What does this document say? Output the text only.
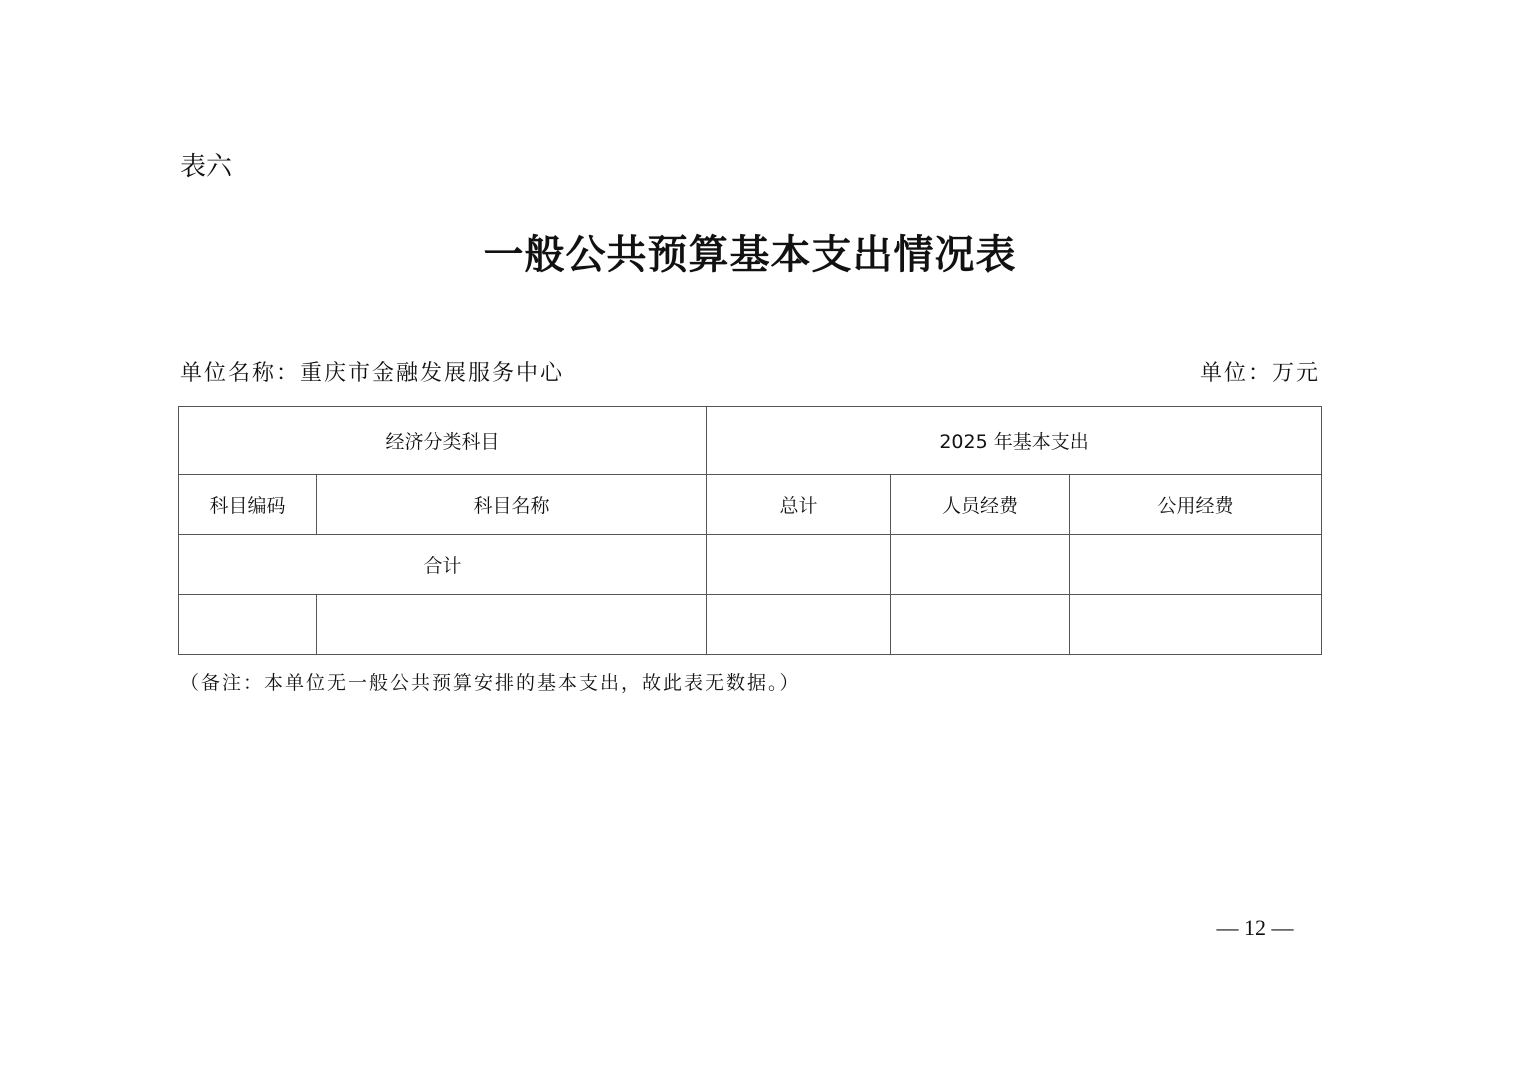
表六
一般公共预算基本支出情况表
单位名称：重庆市金融发展服务中心	单位：万元
经济分类科目		2025 年基本支出		
科目编码	科目名称	总计	人员经费	公用经费
合计				

（备注：本单位无一般公共预算安排的基本支出，故此表无数据。）
— 12 —
